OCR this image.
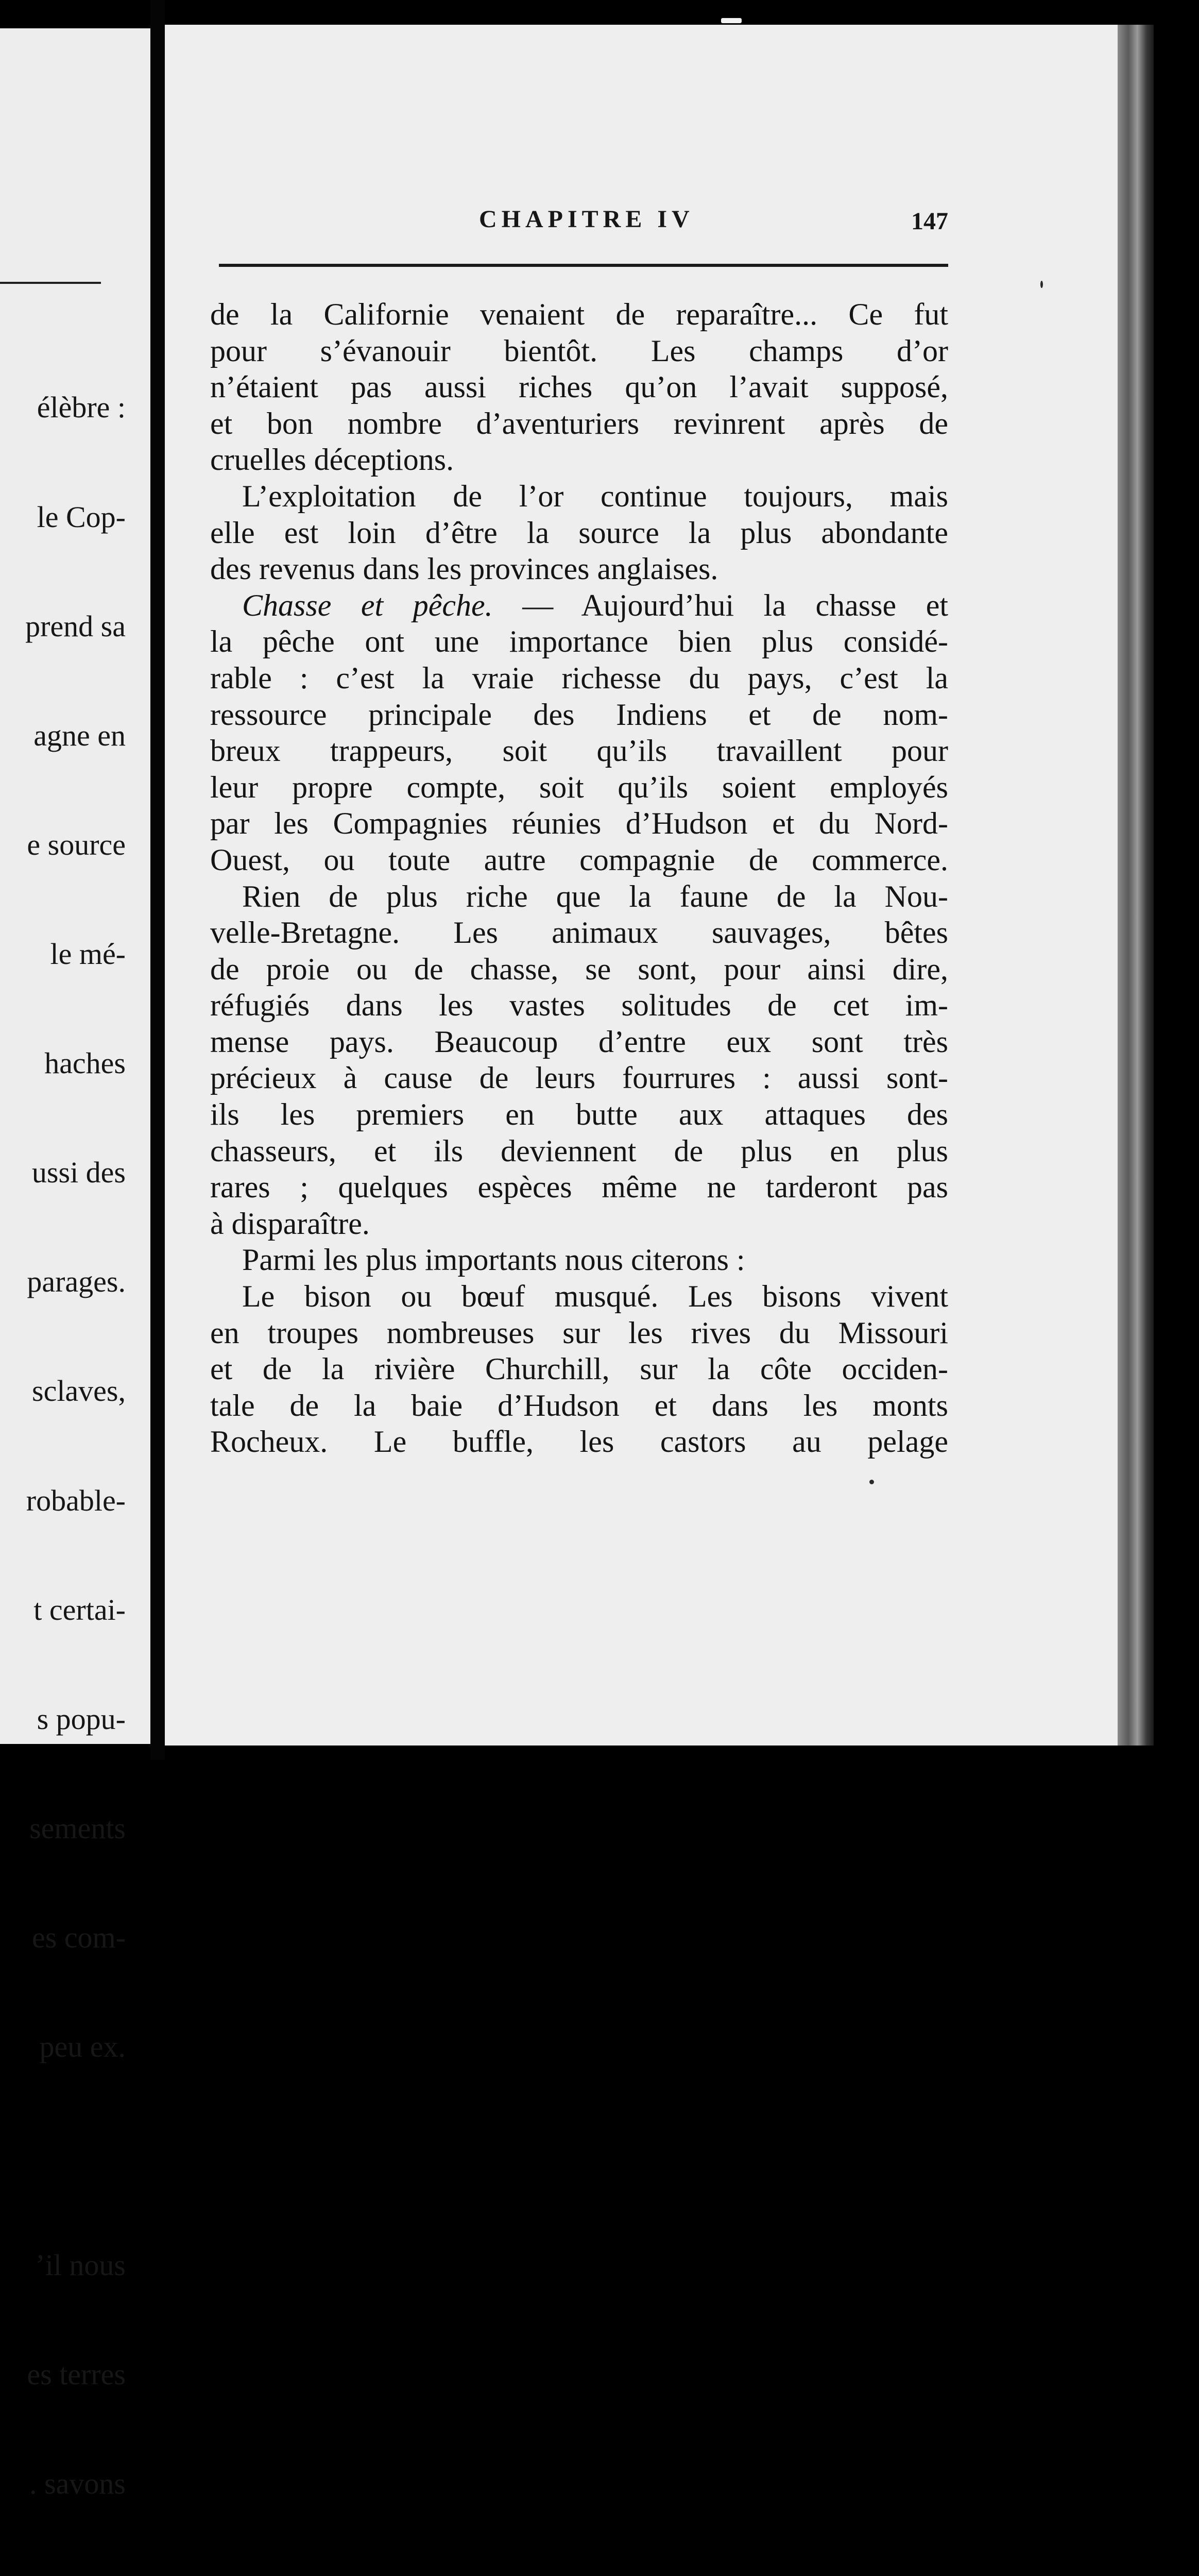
élèbre :

le Cop-

prend sa

agne en

e source

le mé-

haches

ussi des

parages.

sclaves,

robable-

t certai-

s popu-

sements

es com-

peu ex.

’il nous

es terres

. savons

CHAPITRE IV	147
de la Californie venaient de reparaître... Ce fut
pour s’évanouir bientôt. Les champs d’or
n’étaient pas aussi riches qu’on l’avait supposé,
et bon nombre d’aventuriers revinrent après de
cruelles déceptions.
L’exploitation de l’or continue toujours, mais
elle est loin d’être la source la plus abondante
des revenus dans les provinces anglaises.
Chasse et pêche. — Aujourd’hui la chasse et
la pêche ont une importance bien plus considé-
rable : c’est la vraie richesse du pays, c’est la
ressource principale des Indiens et de nom-
breux trappeurs, soit qu’ils travaillent pour
leur propre compte, soit qu’ils soient employés
par les Compagnies réunies d’Hudson et du Nord-
Ouest, ou toute autre compagnie de commerce.
Rien de plus riche que la faune de la Nou-
velle-Bretagne. Les animaux sauvages, bêtes
de proie ou de chasse, se sont, pour ainsi dire,
réfugiés dans les vastes solitudes de cet im-
mense pays. Beaucoup d’entre eux sont très
précieux à cause de leurs fourrures : aussi sont-
ils les premiers en butte aux attaques des
chasseurs, et ils deviennent de plus en plus
rares ; quelques espèces même ne tarderont pas
à disparaître.
Parmi les plus importants nous citerons :
Le bison ou bœuf musqué. Les bisons vivent
en troupes nombreuses sur les rives du Missouri
et de la rivière Churchill, sur la côte occiden-
tale de la baie d’Hudson et dans les monts
Rocheux. Le buffle, les castors au pelage
